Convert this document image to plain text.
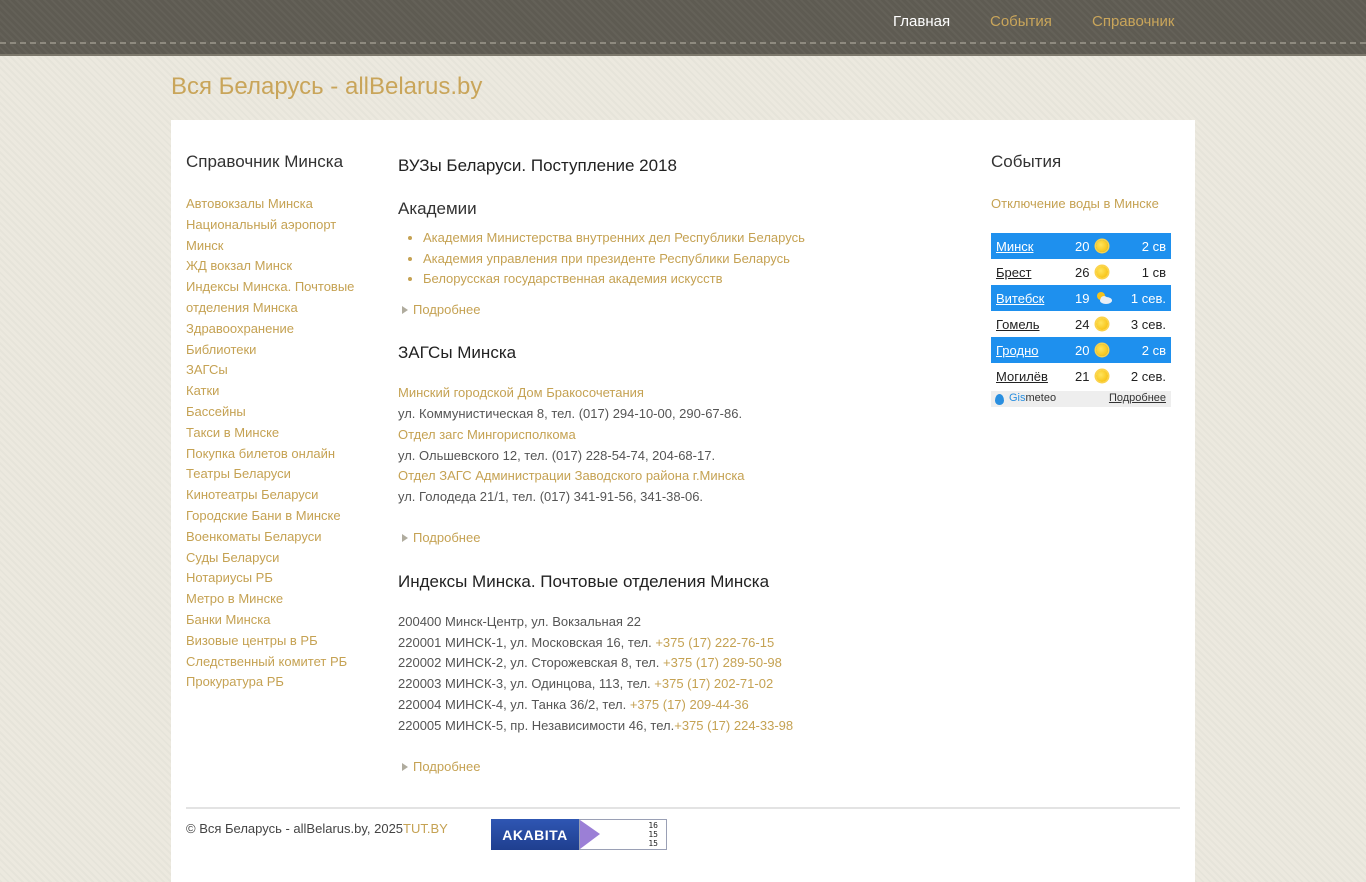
Главная	События	Справочник
Вся Беларусь - allBelarus.by
Справочник Минска
Автовокзалы Минска
Национальный аэропорт Минск
ЖД вокзал Минск
Индексы Минска. Почтовые отделения Минска
Здравоохранение
Библиотеки
ЗАГСы
Катки
Бассейны
Такси в Минске
Покупка билетов онлайн
Театры Беларуси
Кинотеатры Беларуси
Городские Бани в Минске
Военкоматы Беларуси
Суды Беларуси
Нотариусы РБ
Метро в Минске
Банки Минска
Визовые центры в РБ
Следственный комитет РБ
Прокуратура РБ
ВУЗы Беларуси. Поступление 2018
Академии
• Академия Министерства внутренних дел Республики Беларусь
• Академия управления при президенте Республики Беларусь
• Белорусская государственная академия искусств
Подробнее
ЗАГСы Минска
Минский городской Дом Бракосочетания
ул. Коммунистическая 8, тел. (017) 294-10-00, 290-67-86.
Отдел загс Мингорисполкома
ул. Ольшевского 12, тел. (017) 228-54-74, 204-68-17.
Отдел ЗАГС Администрации Заводского района г.Минска
ул. Голодеда 21/1, тел. (017) 341-91-56, 341-38-06.
Подробнее
Индексы Минска. Почтовые отделения Минска
200400 Минск-Центр, ул. Вокзальная 22
220001 МИНСК-1, ул. Московская 16, тел. +375 (17) 222-76-15
220002 МИНСК-2, ул. Сторожевская 8, тел. +375 (17) 289-50-98
220003 МИНСК-3, ул. Одинцова, 113, тел. +375 (17) 202-71-02
220004 МИНСК-4, ул. Танка 36/2, тел. +375 (17) 209-44-36
220005 МИНСК-5, пр. Независимости 46, тел.+375 (17) 224-33-98
Подробнее
События
Отключение воды в Минске
Минск	20	2 св
Брест	26	1 св
Витебск 19	1 сев.
Гомель	24	3 сев.
Гродно	20	2 св
Могилёв 21	2 сев.
Gismeteo	Подробнее
© Вся Беларусь - allBelarus.by, 2025TUT.BY	AKABITA
16
15
15
